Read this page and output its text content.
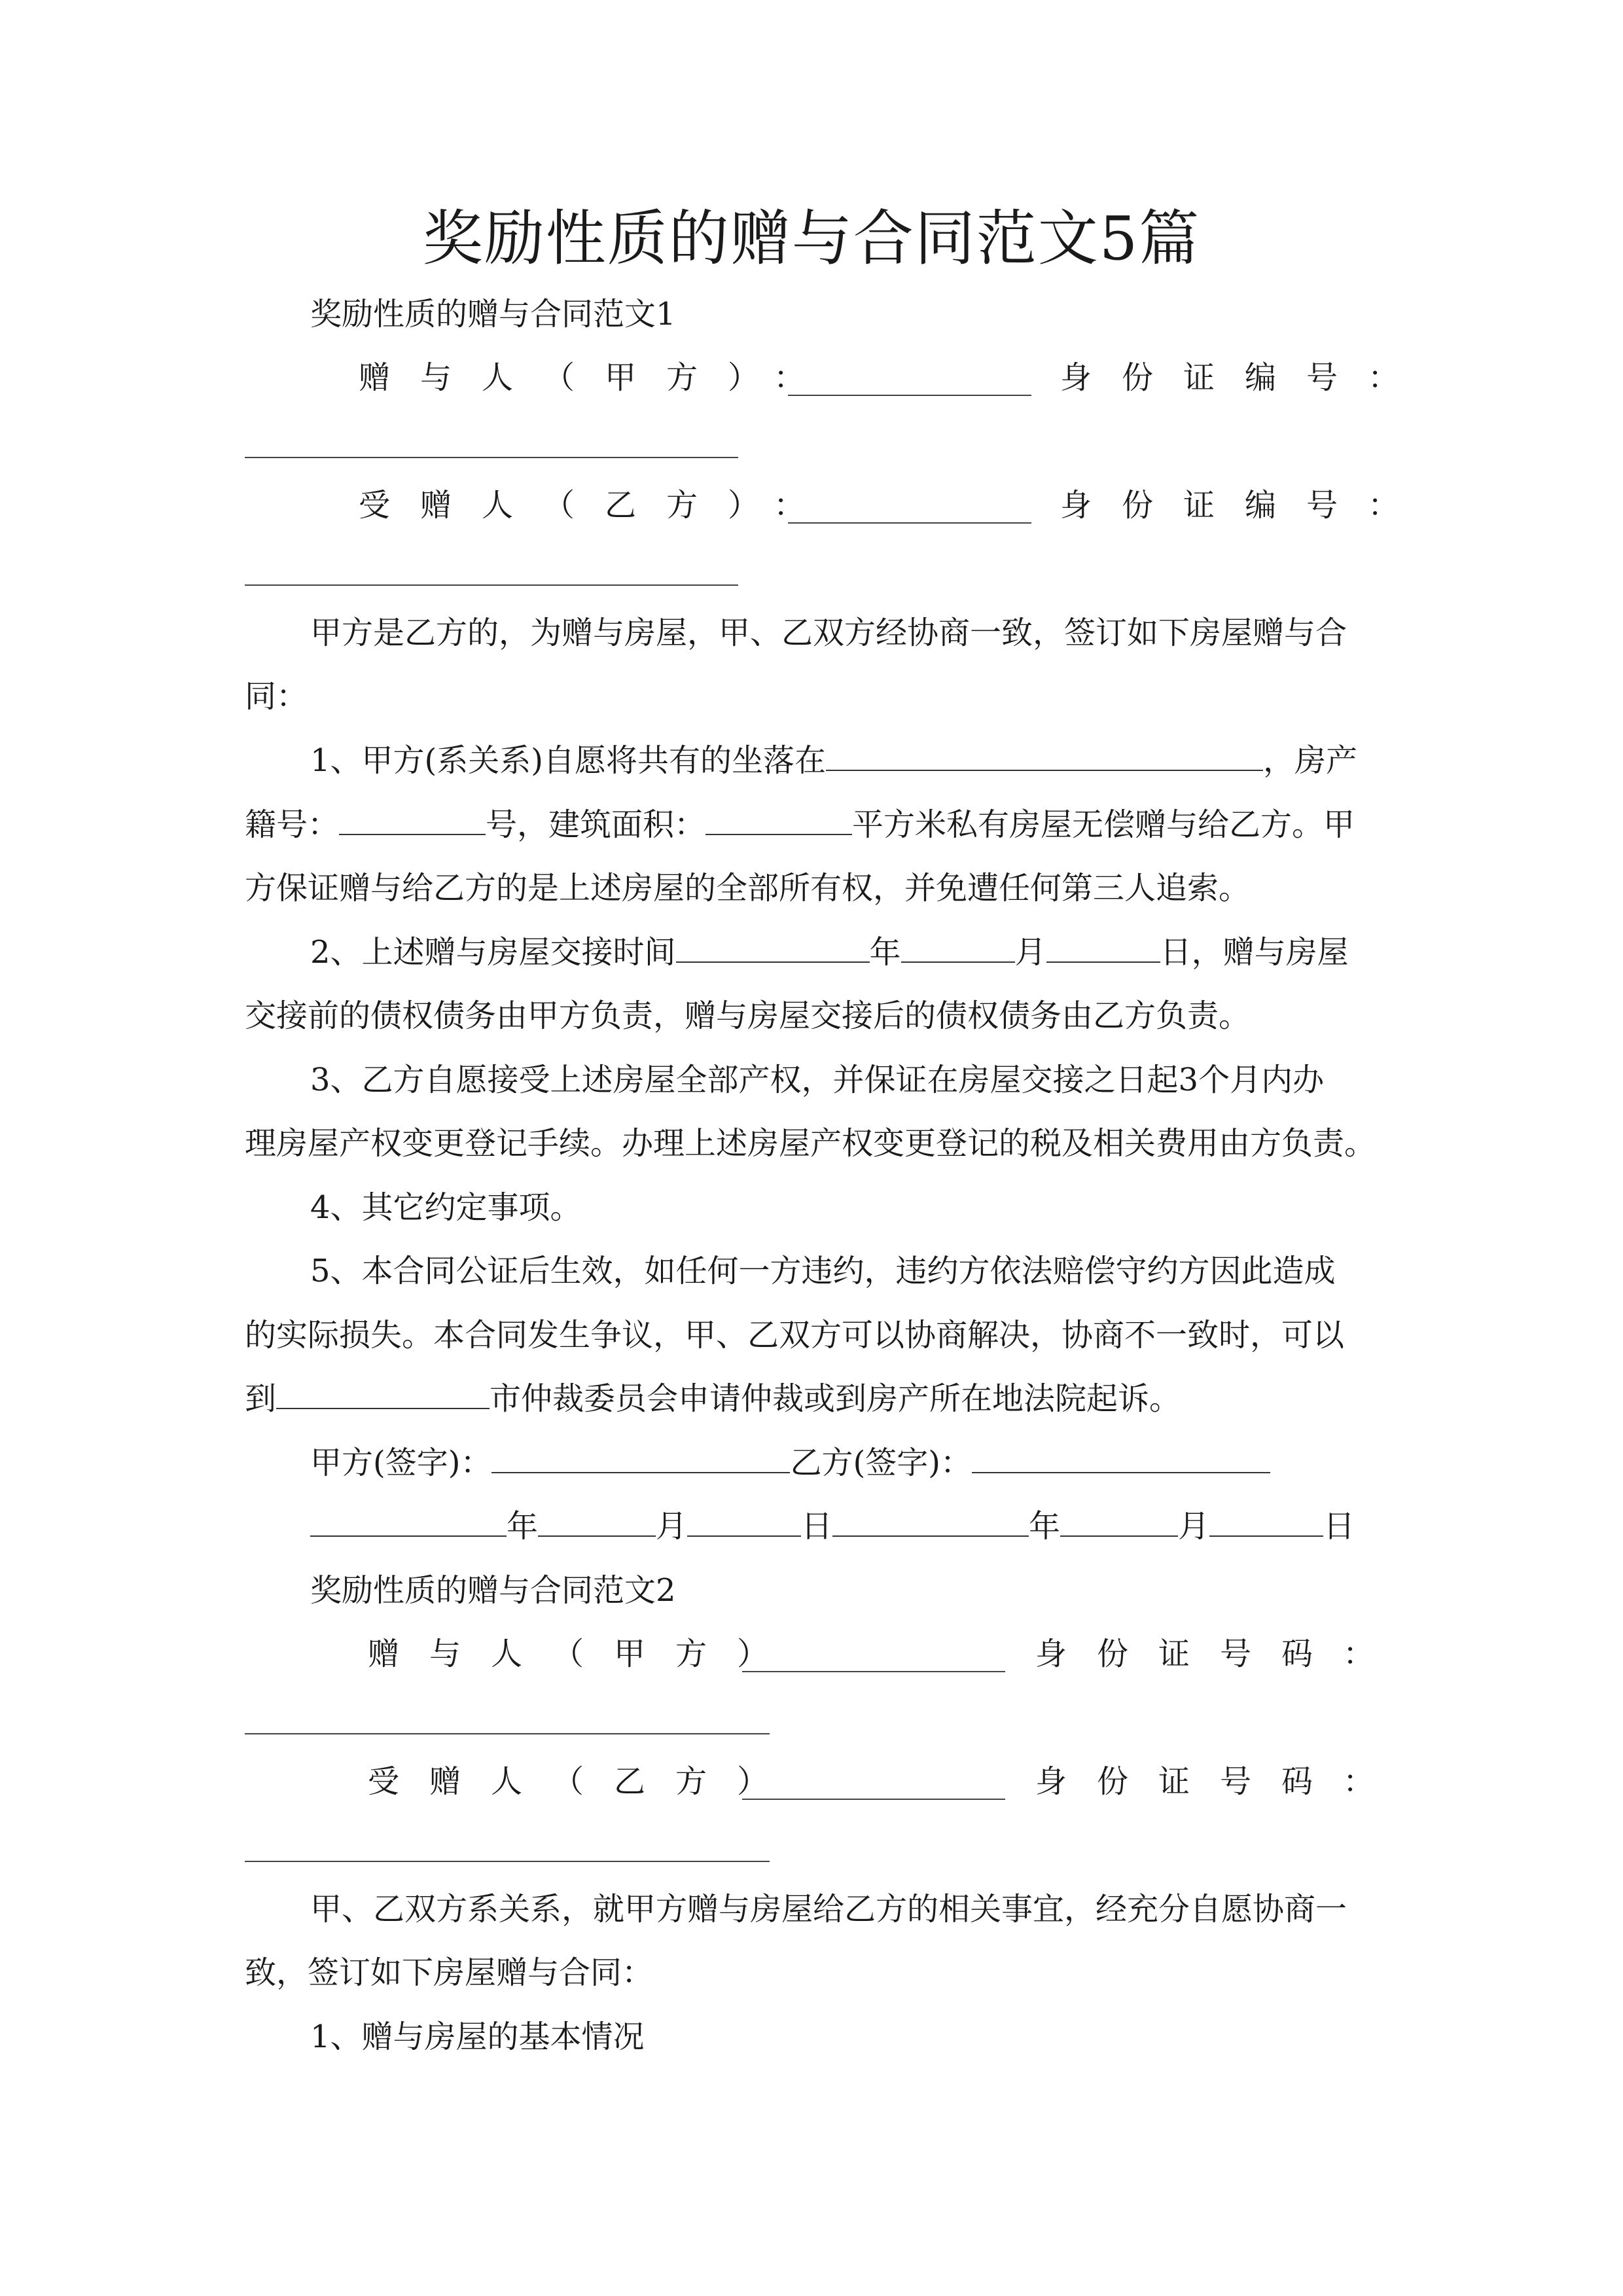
奖励性质的赠与合同范文5篇
奖励性质的赠与合同范文1
赠与人（甲方）：	身份证编号：
受赠人（乙方）：	身份证编号：
甲方是乙方的，为赠与房屋，甲、乙双方经协商一致，签订如下房屋赠与合
同：
1、甲方(系关系)自愿将共有的坐落在	，房产
籍号：	号，建筑面积：	平方米私有房屋无偿赠与给乙方。甲
方保证赠与给乙方的是上述房屋的全部所有权，并免遭任何第三人追索。
2、上述赠与房屋交接时间	年	月	日，赠与房屋
交接前的债权债务由甲方负责，赠与房屋交接后的债权债务由乙方负责。
3、乙方自愿接受上述房屋全部产权，并保证在房屋交接之日起3个月内办
理房屋产权变更登记手续。办理上述房屋产权变更登记的税及相关费用由方负责。
4、其它约定事项。
5、本合同公证后生效，如任何一方违约，违约方依法赔偿守约方因此造成
的实际损失。本合同发生争议，甲、乙双方可以协商解决，协商不一致时，可以
到	市仲裁委员会申请仲裁或到房产所在地法院起诉。
甲方(签字)：	乙方(签字)：
年	月	日	年	月	日
奖励性质的赠与合同范文2
赠与人（甲方）	身份证号码：
受赠人（乙方）	身份证号码：
甲、乙双方系关系，就甲方赠与房屋给乙方的相关事宜，经充分自愿协商一
致，签订如下房屋赠与合同：
1、赠与房屋的基本情况
